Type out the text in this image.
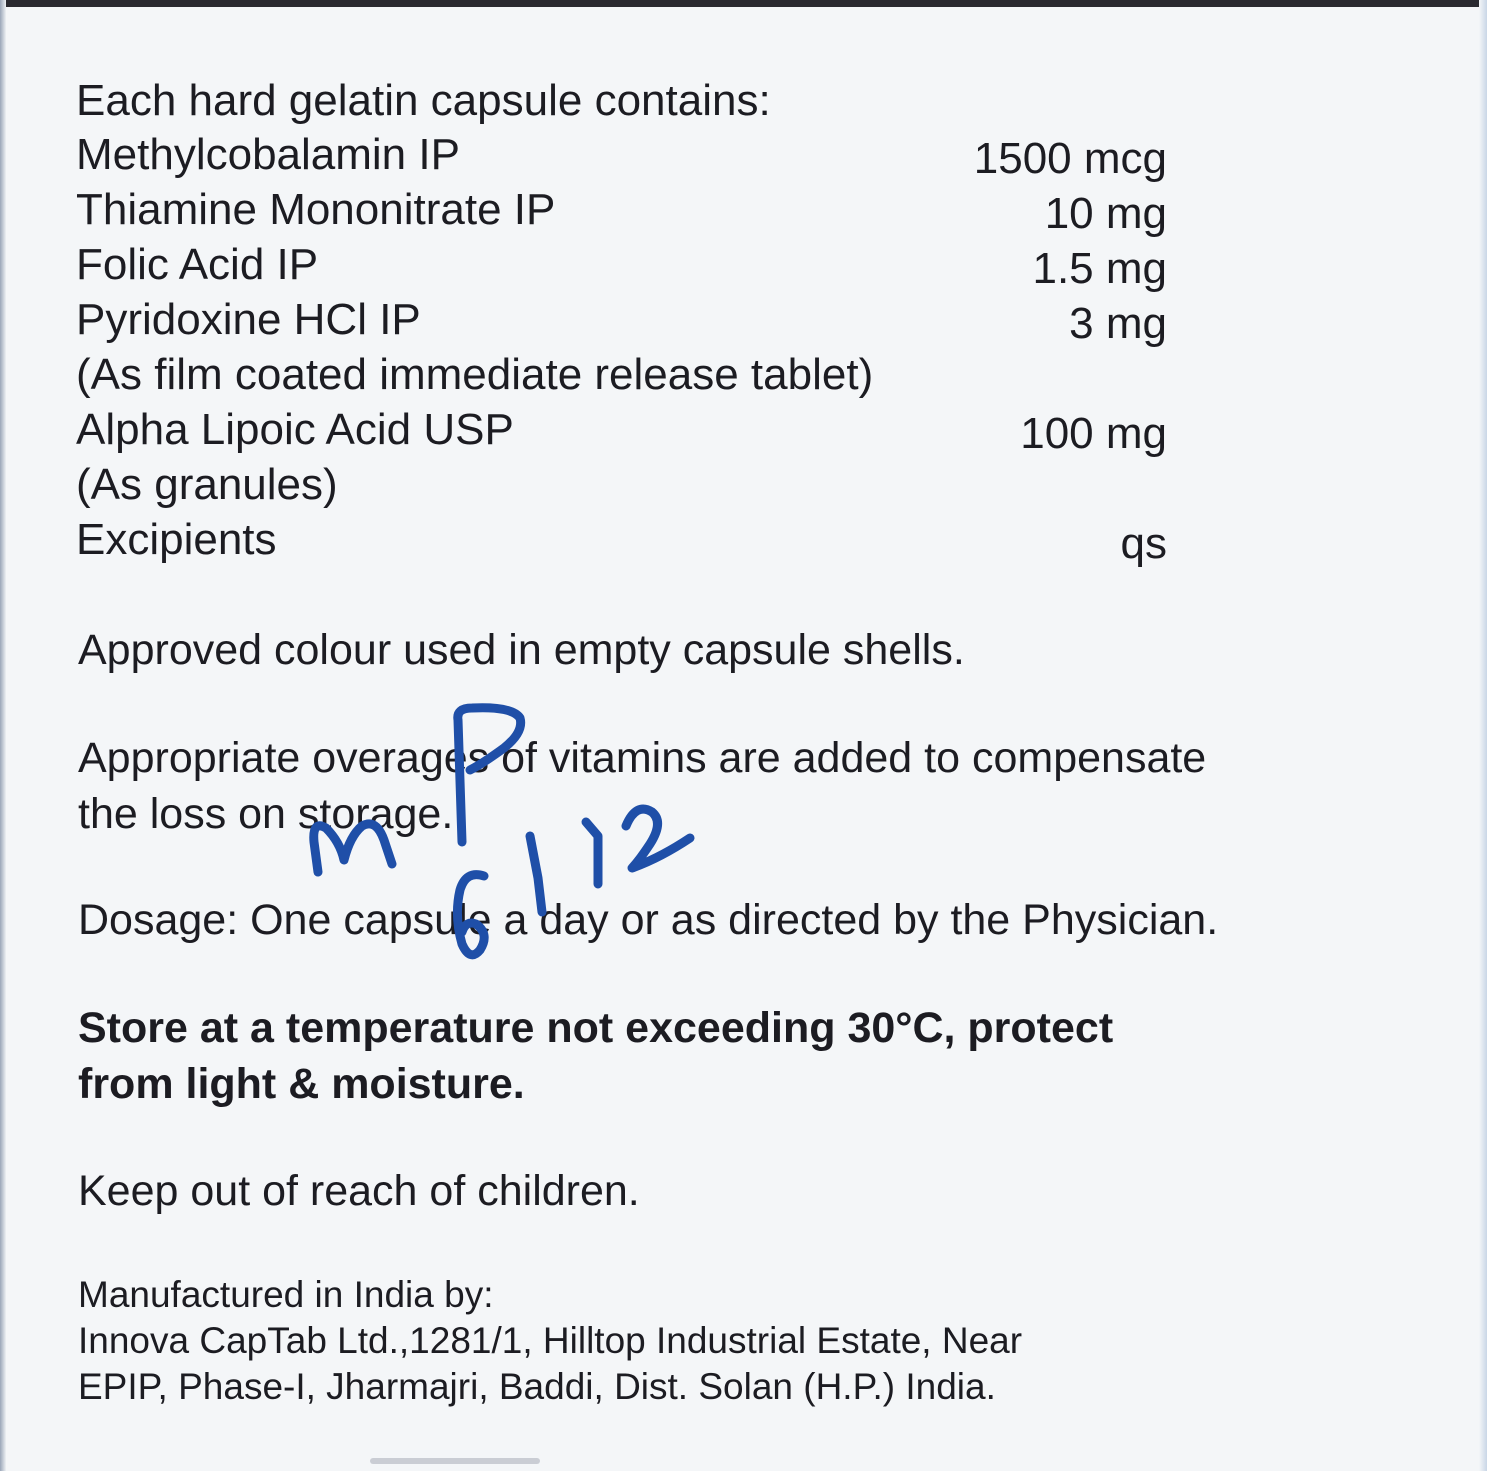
Each hard gelatin capsule contains:
Methylcobalamin IP	1500 mcg
Thiamine Mononitrate IP	10 mg
Folic Acid IP	1.5 mg
Pyridoxine HCl IP	3 mg
(As film coated immediate release tablet)
Alpha Lipoic Acid USP	100 mg
(As granules)
Excipients	qs
Approved colour used in empty capsule shells.
Appropriate overages of vitamins are added to compensate
the loss on storage.
Dosage: One capsule a day or as directed by the Physician.
Store at a temperature not exceeding 30°C, protect
from light & moisture.
Keep out of reach of children.
Manufactured in India by:
Innova CapTab Ltd.,1281/1, Hilltop Industrial Estate, Near
EPIP, Phase-I, Jharmajri, Baddi, Dist. Solan (H.P.) India.
